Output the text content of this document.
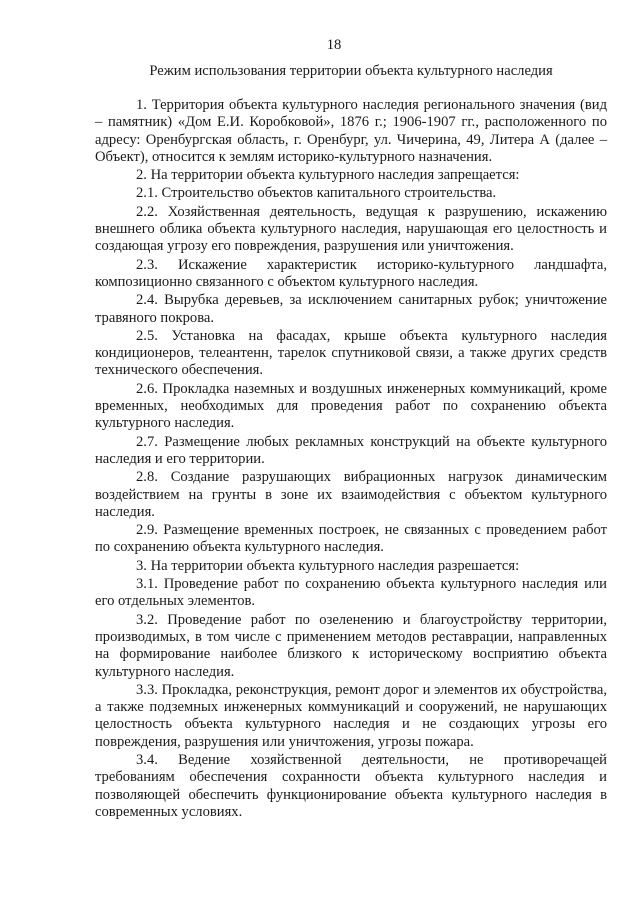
18
Режим использования территории объекта культурного наследия

1. Территория объекта культурного наследия регионального значения (вид – памятник) «Дом Е.И. Коробковой», 1876 г.; 1906-1907 гг., расположенного по адресу: Оренбургская область, г. Оренбург, ул. Чичерина, 49, Литера А (далее – Объект), относится к землям историко-культурного назначения.

2. На территории объекта культурного наследия запрещается:

2.1. Строительство объектов капитального строительства.

2.2. Хозяйственная деятельность, ведущая к разрушению, искажению внешнего облика объекта культурного наследия, нарушающая его целостность и создающая угрозу его повреждения, разрушения или уничтожения.

2.3. Искажение характеристик историко-культурного ландшафта, композиционно связанного с объектом культурного наследия.

2.4. Вырубка деревьев, за исключением санитарных рубок; уничтожение травяного покрова.

2.5. Установка на фасадах, крыше объекта культурного наследия кондиционеров, телеантенн, тарелок спутниковой связи, а также других средств технического обеспечения.

2.6. Прокладка наземных и воздушных инженерных коммуникаций, кроме временных, необходимых для проведения работ по сохранению объекта культурного наследия.

2.7. Размещение любых рекламных конструкций на объекте культурного наследия и его территории.

2.8. Создание разрушающих вибрационных нагрузок динамическим воздействием на грунты в зоне их взаимодействия с объектом культурного наследия.

2.9. Размещение временных построек, не связанных с проведением работ по сохранению объекта культурного наследия.

3. На территории объекта культурного наследия разрешается:

3.1. Проведение работ по сохранению объекта культурного наследия или его отдельных элементов.

3.2. Проведение работ по озеленению и благоустройству территории, производимых, в том числе с применением методов реставрации, направленных на формирование наиболее близкого к историческому восприятию объекта культурного наследия.

3.3. Прокладка, реконструкция, ремонт дорог и элементов их обустройства, а также подземных инженерных коммуникаций и сооружений, не нарушающих целостность объекта культурного наследия и не создающих угрозы его повреждения, разрушения или уничтожения, угрозы пожара.

3.4. Ведение хозяйственной деятельности, не противоречащей требованиям обеспечения сохранности объекта культурного наследия и позволяющей обеспечить функционирование объекта культурного наследия в современных условиях.
